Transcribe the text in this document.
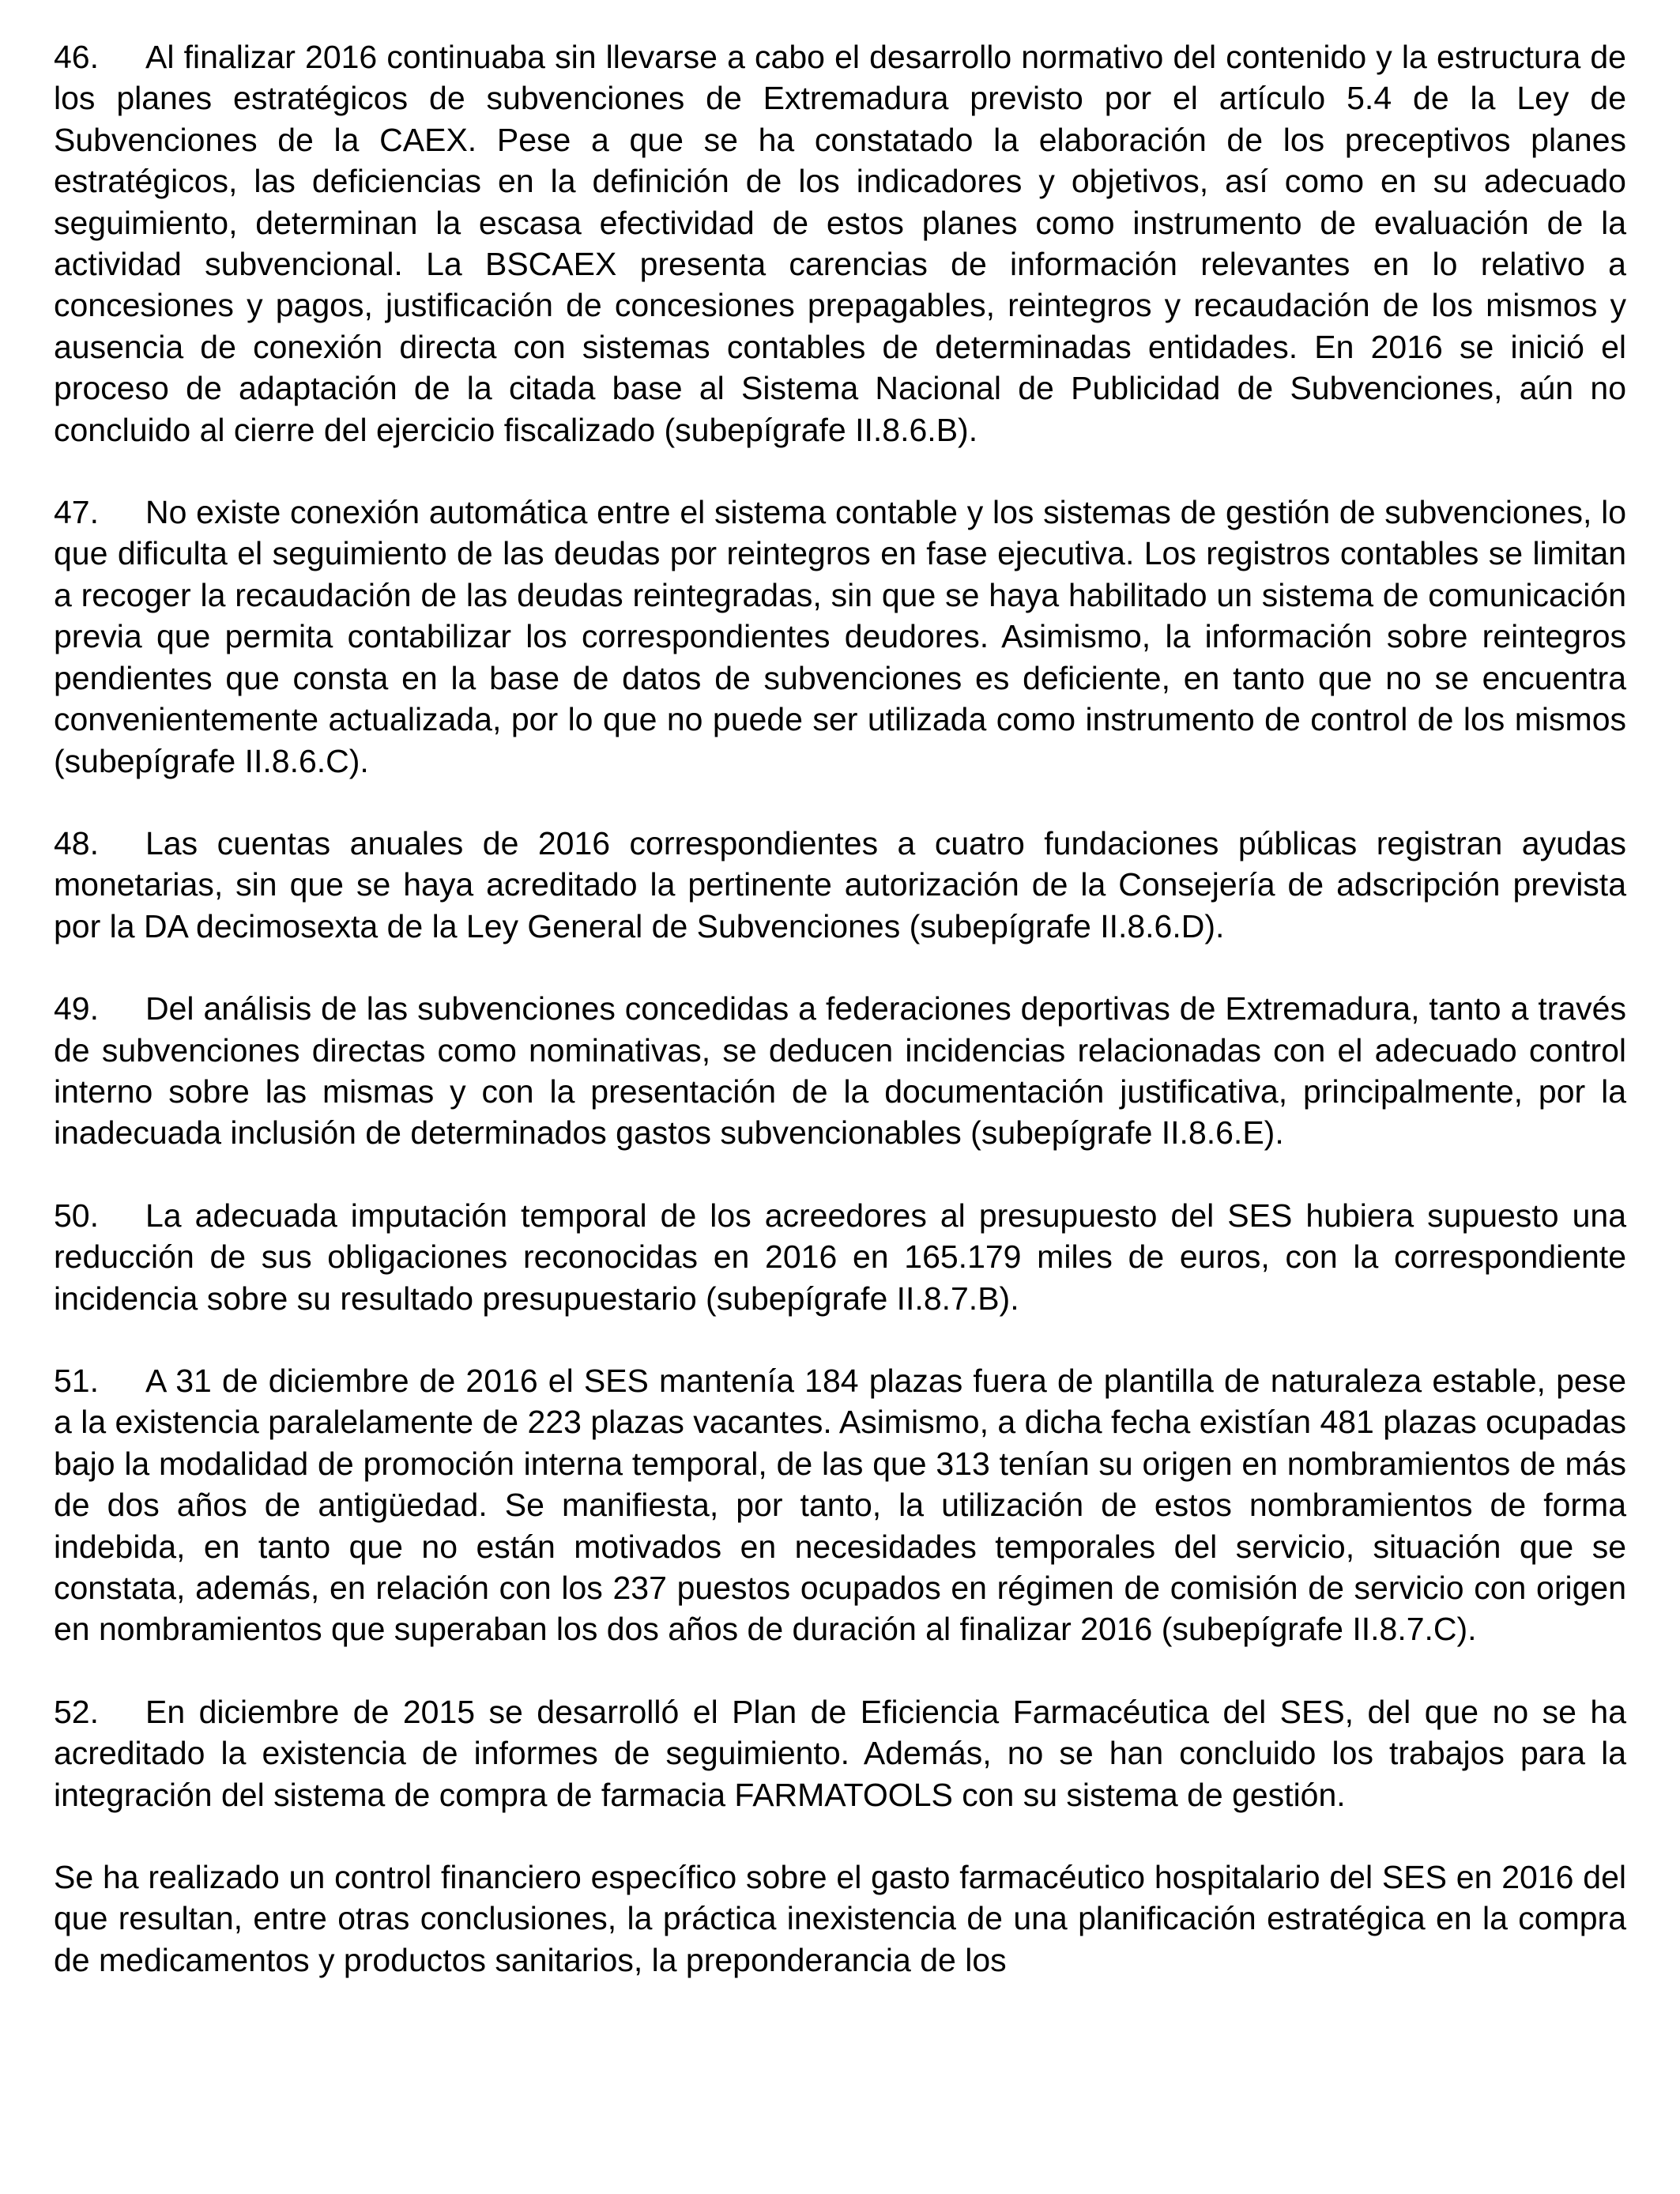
46. Al finalizar 2016 continuaba sin llevarse a cabo el desarrollo normativo del contenido y la estructura de los planes estratégicos de subvenciones de Extremadura previsto por el artículo 5.4 de la Ley de Subvenciones de la CAEX. Pese a que se ha constatado la elaboración de los preceptivos planes estratégicos, las deficiencias en la definición de los indicadores y objetivos, así como en su adecuado seguimiento, determinan la escasa efectividad de estos planes como instrumento de evaluación de la actividad subvencional. La BSCAEX presenta carencias de información relevantes en lo relativo a concesiones y pagos, justificación de concesiones prepagables, reintegros y recaudación de los mismos y ausencia de conexión directa con sistemas contables de determinadas entidades. En 2016 se inició el proceso de adaptación de la citada base al Sistema Nacional de Publicidad de Subvenciones, aún no concluido al cierre del ejercicio fiscalizado (subepígrafe II.8.6.B).

47. No existe conexión automática entre el sistema contable y los sistemas de gestión de subvenciones, lo que dificulta el seguimiento de las deudas por reintegros en fase ejecutiva. Los registros contables se limitan a recoger la recaudación de las deudas reintegradas, sin que se haya habilitado un sistema de comunicación previa que permita contabilizar los correspondientes deudores. Asimismo, la información sobre reintegros pendientes que consta en la base de datos de subvenciones es deficiente, en tanto que no se encuentra convenientemente actualizada, por lo que no puede ser utilizada como instrumento de control de los mismos (subepígrafe II.8.6.C).

48. Las cuentas anuales de 2016 correspondientes a cuatro fundaciones públicas registran ayudas monetarias, sin que se haya acreditado la pertinente autorización de la Consejería de adscripción prevista por la DA decimosexta de la Ley General de Subvenciones (subepígrafe II.8.6.D).

49. Del análisis de las subvenciones concedidas a federaciones deportivas de Extremadura, tanto a través de subvenciones directas como nominativas, se deducen incidencias relacionadas con el adecuado control interno sobre las mismas y con la presentación de la documentación justificativa, principalmente, por la inadecuada inclusión de determinados gastos subvencionables (subepígrafe II.8.6.E).

50. La adecuada imputación temporal de los acreedores al presupuesto del SES hubiera supuesto una reducción de sus obligaciones reconocidas en 2016 en 165.179 miles de euros, con la correspondiente incidencia sobre su resultado presupuestario (subepígrafe II.8.7.B).

51. A 31 de diciembre de 2016 el SES mantenía 184 plazas fuera de plantilla de naturaleza estable, pese a la existencia paralelamente de 223 plazas vacantes. Asimismo, a dicha fecha existían 481 plazas ocupadas bajo la modalidad de promoción interna temporal, de las que 313 tenían su origen en nombramientos de más de dos años de antigüedad. Se manifiesta, por tanto, la utilización de estos nombramientos de forma indebida, en tanto que no están motivados en necesidades temporales del servicio, situación que se constata, además, en relación con los 237 puestos ocupados en régimen de comisión de servicio con origen en nombramientos que superaban los dos años de duración al finalizar 2016 (subepígrafe II.8.7.C).

52. En diciembre de 2015 se desarrolló el Plan de Eficiencia Farmacéutica del SES, del que no se ha acreditado la existencia de informes de seguimiento. Además, no se han concluido los trabajos para la integración del sistema de compra de farmacia FARMATOOLS con su sistema de gestión.

Se ha realizado un control financiero específico sobre el gasto farmacéutico hospitalario del SES en 2016 del que resultan, entre otras conclusiones, la práctica inexistencia de una planificación estratégica en la compra de medicamentos y productos sanitarios, la preponderancia de los
